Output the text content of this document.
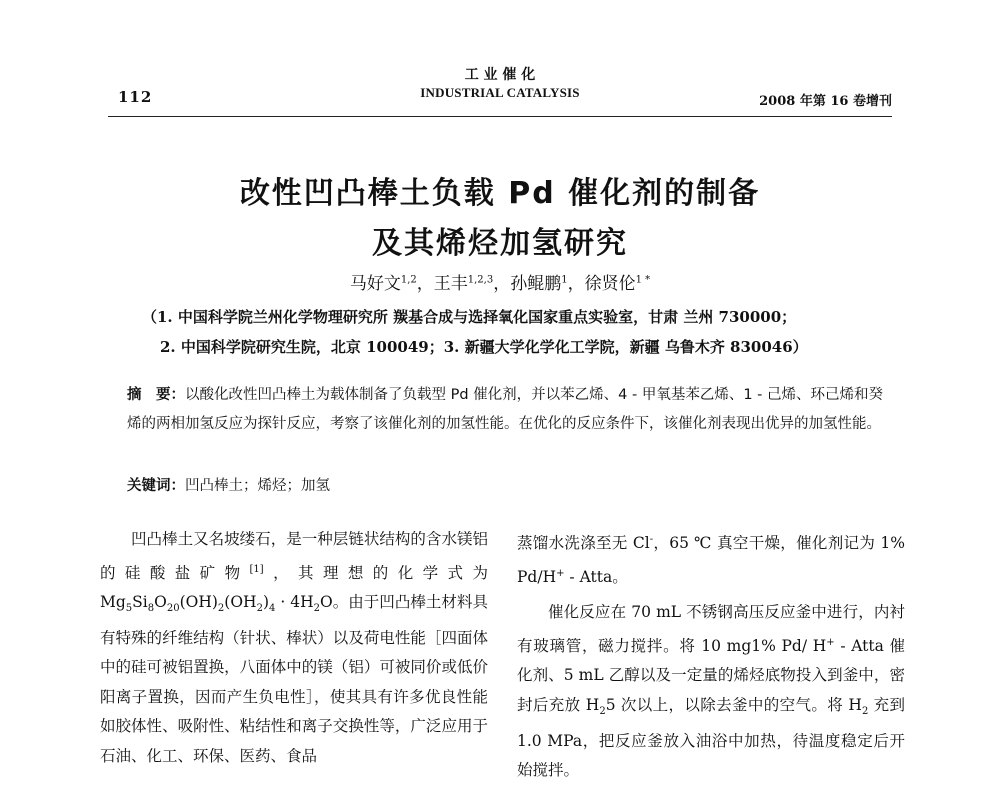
112
工 业 催 化
INDUSTRIAL CATALYSIS
2008 年第 16 卷增刊
改性凹凸棒土负载 Pd 催化剂的制备
及其烯烃加氢研究
马好文$^{1,2}$，王丰$^{1,2,3}$，孙鲲鹏$^1$，徐贤伦$^{1 *}$
（1. 中国科学院兰州化学物理研究所 羰基合成与选择氧化国家重点实验室，甘肃 兰州 730000；
2. 中国科学院研究生院，北京 100049；3. 新疆大学化学化工学院，新疆 乌鲁木齐 830046）
摘　要：以酸化改性凹凸棒土为载体制备了负载型 Pd 催化剂，并以苯乙烯、4 - 甲氧基苯乙烯、1 - 己烯、环己烯和癸烯的两相加氢反应为探针反应，考察了该催化剂的加氢性能。在优化的反应条件下，该催化剂表现出优异的加氢性能。
关键词：凹凸棒土；烯烃；加氢

凹凸棒土又名坡缕石，是一种层链状结构的含水镁铝的硅酸盐矿物[1]，其理想的化学式为 $Mg_5Si_8O_{20}(OH)_2(OH_2)_4 \cdot 4H_2O$。由于凹凸棒土材料具有特殊的纤维结构（针状、棒状）以及荷电性能［四面体中的硅可被铝置换，八面体中的镁（铝）可被同价或低价阳离子置换，因而产生负电性］，使其具有许多优良性能如胶体性、吸附性、粘结性和离子交换性等，广泛应用于石油、化工、环保、医药、食品

蒸馏水洗涤至无 Cl-，65 ℃ 真空干燥，催化剂记为 1% Pd/H+ - Atta。

催化反应在 70 mL 不锈钢高压反应釜中进行，内衬有玻璃管，磁力搅拌。将 10 mg1% Pd/ H+ - Atta 催化剂、5 mL 乙醇以及一定量的烯烃底物投入到釜中，密封后充放 $H_25$ 次以上，以除去釜中的空气。将 $H_2$ 充到 1.0 MPa，把反应釜放入油浴中加热，待温度稳定后开始搅拌。
